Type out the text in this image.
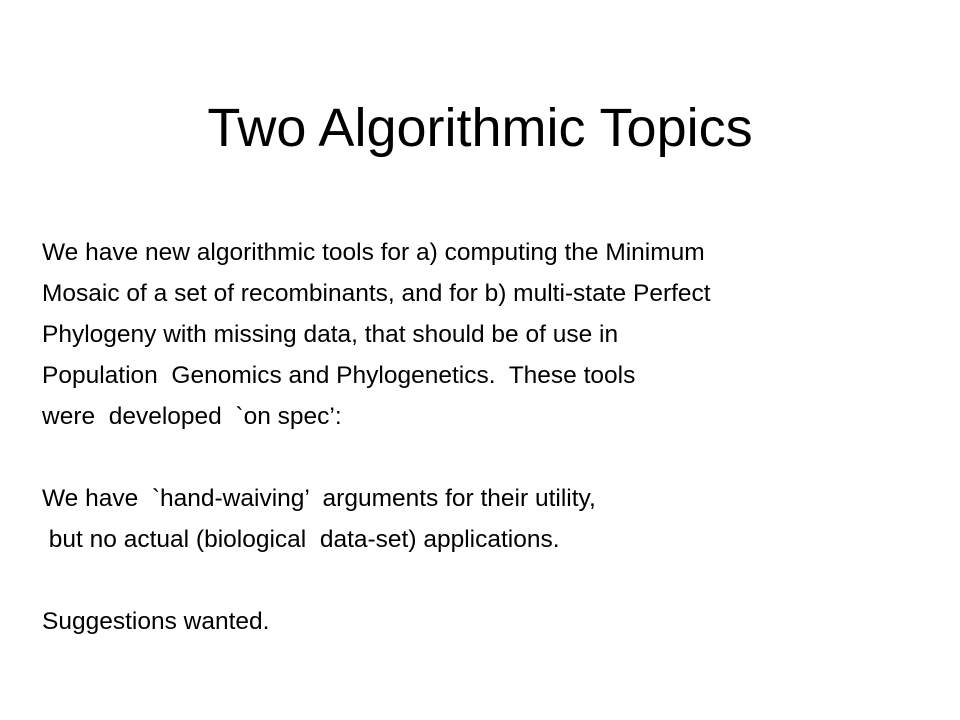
Two Algorithmic Topics
We have new algorithmic tools for a) computing the Minimum
Mosaic of a set of recombinants, and for b) multi-state Perfect
Phylogeny with missing data, that should be of use in
Population  Genomics and Phylogenetics.  These tools
were  developed  `on spec’:
We have  `hand-waiving’  arguments for their utility,
but no actual (biological  data-set) applications.
Suggestions wanted.
